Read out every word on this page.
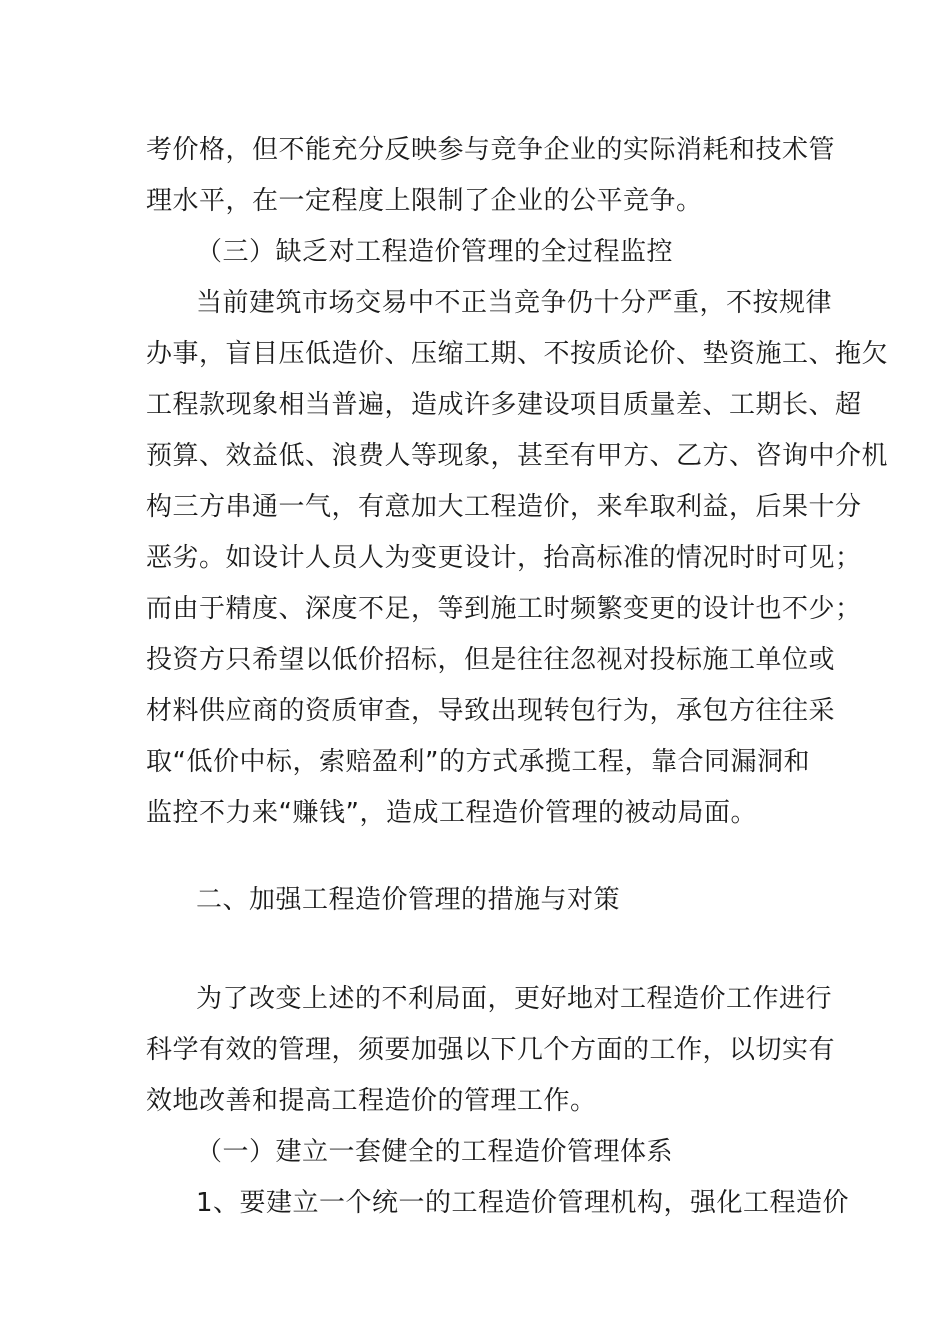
考价格，但不能充分反映参与竞争企业的实际消耗和技术管
理水平，在一定程度上限制了企业的公平竞争。
（三）缺乏对工程造价管理的全过程监控
当前建筑市场交易中不正当竞争仍十分严重，不按规律
办事，盲目压低造价、压缩工期、不按质论价、垫资施工、拖欠
工程款现象相当普遍，造成许多建设项目质量差、工期长、超
预算、效益低、浪费人等现象，甚至有甲方、乙方、咨询中介机
构三方串通一气，有意加大工程造价，来牟取利益，后果十分
恶劣。如设计人员人为变更设计，抬高标准的情况时时可见；
而由于精度、深度不足，等到施工时频繁变更的设计也不少；
投资方只希望以低价招标，但是往往忽视对投标施工单位或
材料供应商的资质审查，导致出现转包行为，承包方往往采
取“低价中标，索赔盈利”的方式承揽工程，靠合同漏洞和
监控不力来“赚钱”，造成工程造价管理的被动局面。
二、加强工程造价管理的措施与对策
为了改变上述的不利局面，更好地对工程造价工作进行
科学有效的管理，须要加强以下几个方面的工作，以切实有
效地改善和提高工程造价的管理工作。
（一）建立一套健全的工程造价管理体系
1、要建立一个统一的工程造价管理机构，强化工程造价
